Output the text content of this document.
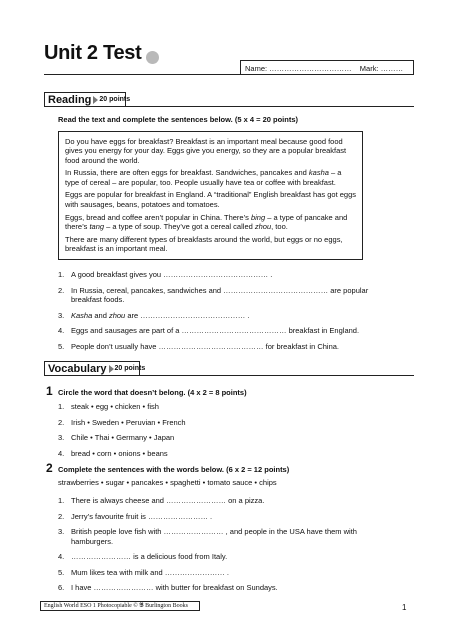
Unit 2 Test
Name: …………………………… Mark: ………
Reading 20 points
Read the text and complete the sentences below. (5 x 4 = 20 points)

Do you have eggs for breakfast? Breakfast is an important meal because good food gives you energy for your day. Eggs give you energy, so they are a popular breakfast food around the world.

In Russia, there are often eggs for breakfast. Sandwiches, pancakes and kasha – a type of cereal – are popular, too. People usually have tea or coffee with breakfast.

Eggs are popular for breakfast in England. A “traditional” English breakfast has got eggs with sausages, beans, potatoes and tomatoes.

Eggs, bread and coffee aren’t popular in China. There’s bing – a type of pancake and there’s tang – a type of soup. They’ve got a cereal called zhou, too.

There are many different types of breakfasts around the world, but eggs or no eggs, breakfast is an important meal.

1. A good breakfast gives you …………………………………… .
2. In Russia, cereal, pancakes, sandwiches and …………………………………… are popular breakfast foods.
3. Kasha and zhou are …………………………………… .
4. Eggs and sausages are part of a …………………………………… breakfast in England.
5. People don’t usually have …………………………………… for breakfast in China.
Vocabulary 20 points
1 Circle the word that doesn’t belong. (4 x 2 = 8 points)
1. steak • egg • chicken • fish
2. Irish • Sweden • Peruvian • French
3. Chile • Thai • Germany • Japan
4. bread • corn • onions • beans
2 Complete the sentences with the words below. (6 x 2 = 12 points)
strawberries • sugar • pancakes • spaghetti • tomato sauce • chips
1. There is always cheese and …………………… on a pizza.
2. Jerry’s favourite fruit is …………………… .
3. British people love fish with …………………… , and people in the USA have them with hamburgers.
4. …………………… is a delicious food from Italy.
5. Mum likes tea with milk and …………………… .
6. I have …………………… with butter for breakfast on Sundays.
English World ESO 1 Photocopiable © 𝕭 Burlington Books	1
